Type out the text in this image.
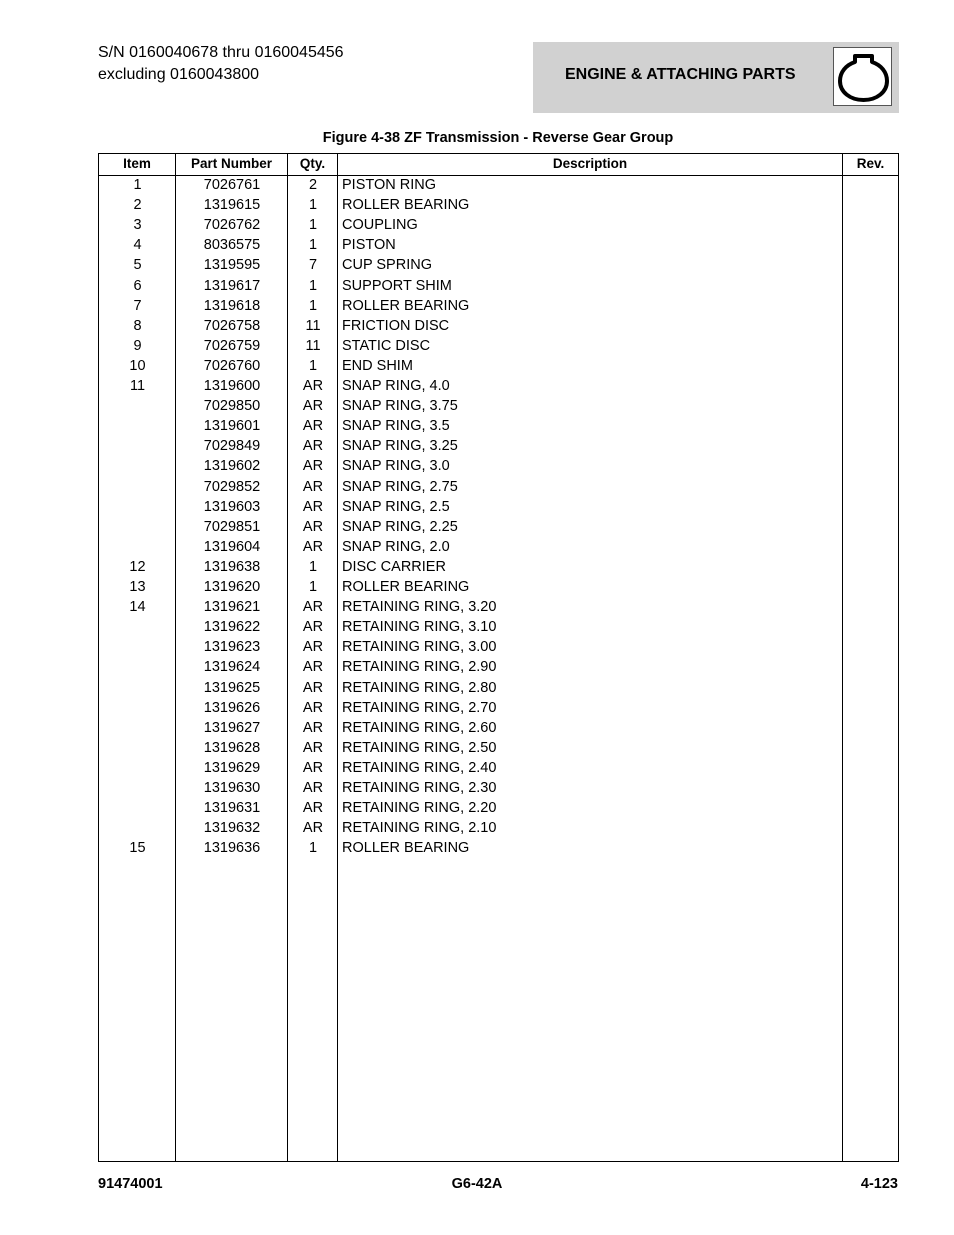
S/N 0160040678 thru 0160045456
excluding 0160043800	ENGINE & ATTACHING PARTS
Figure 4-38 ZF Transmission - Reverse Gear Group
Item	Part Number	Qty.	Description	Rev.
1	7026761	2	PISTON RING
2	1319615	1	ROLLER BEARING
3	7026762	1	COUPLING
4	8036575	1	PISTON
5	1319595	7	CUP SPRING
6	1319617	1	SUPPORT SHIM
7	1319618	1	ROLLER BEARING
8	7026758	11	FRICTION DISC
9	7026759	11	STATIC DISC
10	7026760	1	END SHIM
11	1319600	AR	SNAP RING, 4.0
7029850	AR	SNAP RING, 3.75
1319601	AR	SNAP RING, 3.5
7029849	AR	SNAP RING, 3.25
1319602	AR	SNAP RING, 3.0
7029852	AR	SNAP RING, 2.75
1319603	AR	SNAP RING, 2.5
7029851	AR	SNAP RING, 2.25
1319604	AR	SNAP RING, 2.0
12	1319638	1	DISC CARRIER
13	1319620	1	ROLLER BEARING
14	1319621	AR	RETAINING RING, 3.20
1319622	AR	RETAINING RING, 3.10
1319623	AR	RETAINING RING, 3.00
1319624	AR	RETAINING RING, 2.90
1319625	AR	RETAINING RING, 2.80
1319626	AR	RETAINING RING, 2.70
1319627	AR	RETAINING RING, 2.60
1319628	AR	RETAINING RING, 2.50
1319629	AR	RETAINING RING, 2.40
1319630	AR	RETAINING RING, 2.30
1319631	AR	RETAINING RING, 2.20
1319632	AR	RETAINING RING, 2.10
15	1319636	1	ROLLER BEARING
91474001	G6-42A	4-123
